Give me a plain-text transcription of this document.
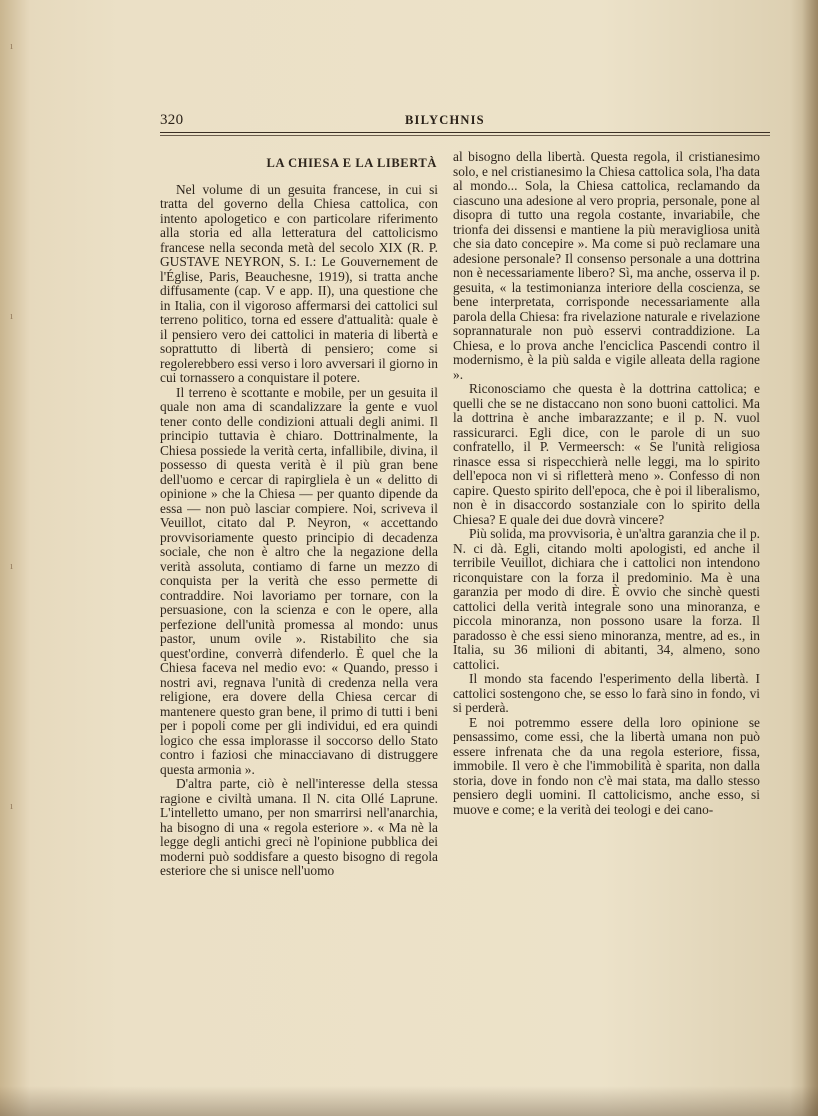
ı
ı
ı
ı
320	BILYCHNIS
LA CHIESA E LA LIBERTÀ

Nel volume di un gesuita francese, in cui si tratta del governo della Chiesa cattolica, con intento apologetico e con particolare riferimento alla storia ed alla letteratura del cattolicismo francese nella seconda metà del secolo XIX (R. P. GUSTAVE NEYRON, S. I.: Le Gouvernement de l'Église, Paris, Beauchesne, 1919), si tratta anche diffusamente (cap. V e app. II), una questione che in Italia, con il vigoroso affermarsi dei cattolici sul terreno politico, torna ed essere d'attualità: quale è il pensiero vero dei cattolici in materia di libertà e soprattutto di libertà di pensiero; come si regolerebbero essi verso i loro avversari il giorno in cui tornassero a conquistare il potere.

Il terreno è scottante e mobile, per un gesuita il quale non ama di scandalizzare la gente e vuol tener conto delle condizioni attuali degli animi. Il principio tuttavia è chiaro. Dottrinalmente, la Chiesa possiede la verità certa, infallibile, divina, il possesso di questa verità è il più gran bene dell'uomo e cercar di rapirgliela è un « delitto di opinione » che la Chiesa — per quanto dipende da essa — non può lasciar compiere. Noi, scriveva il Veuillot, citato dal P. Neyron, « accettando provvisoriamente questo principio di decadenza sociale, che non è altro che la negazione della verità assoluta, contiamo di farne un mezzo di conquista per la verità che esso permette di contraddire. Noi lavoriamo per tornare, con la persuasione, con la scienza e con le opere, alla perfezione dell'unità promessa al mondo: unus pastor, unum ovile ». Ristabilito che sia quest'ordine, converrà difenderlo. È quel che la Chiesa faceva nel medio evo: « Quando, presso i nostri avi, regnava l'unità di credenza nella vera religione, era dovere della Chiesa cercar di mantenere questo gran bene, il primo di tutti i beni per i popoli come per gli individui, ed era quindi logico che essa implorasse il soccorso dello Stato contro i faziosi che minacciavano di distruggere questa armonia ».

D'altra parte, ciò è nell'interesse della stessa ragione e civiltà umana. Il N. cita Ollé Laprune. L'intelletto umano, per non smarrirsi nell'anarchia, ha bisogno di una « regola esteriore ». « Ma nè la legge degli antichi greci nè l'opinione pubblica dei moderni può soddisfare a questo bisogno di regola esteriore che si unisce nell'uomo

al bisogno della libertà. Questa regola, il cristianesimo solo, e nel cristianesimo la Chiesa cattolica sola, l'ha data al mondo... Sola, la Chiesa cattolica, reclamando da ciascuno una adesione al vero propria, personale, pone al disopra di tutto una regola costante, invariabile, che trionfa dei dissensi e mantiene la più meravigliosa unità che sia dato concepire ». Ma come si può reclamare una adesione personale? Il consenso personale a una dottrina non è necessariamente libero? Sì, ma anche, osserva il p. gesuita, « la testimonianza interiore della coscienza, se bene interpretata, corrisponde necessariamente alla parola della Chiesa: fra rivelazione naturale e rivelazione soprannaturale non può esservi contraddizione. La Chiesa, e lo prova anche l'enciclica Pascendi contro il modernismo, è la più salda e vigile alleata della ragione ».

Riconosciamo che questa è la dottrina cattolica; e quelli che se ne distaccano non sono buoni cattolici. Ma la dottrina è anche imbarazzante; e il p. N. vuol rassicurarci. Egli dice, con le parole di un suo confratello, il P. Vermeersch: « Se l'unità religiosa rinasce essa si rispecchierà nelle leggi, ma lo spirito dell'epoca non vi si rifletterà meno ». Confesso di non capire. Questo spirito dell'epoca, che è poi il liberalismo, non è in disaccordo sostanziale con lo spirito della Chiesa? E quale dei due dovrà vincere?

Più solida, ma provvisoria, è un'altra garanzia che il p. N. ci dà. Egli, citando molti apologisti, ed anche il terribile Veuillot, dichiara che i cattolici non intendono riconquistare con la forza il predominio. Ma è una garanzia per modo di dire. È ovvio che sinchè questi cattolici della verità integrale sono una minoranza, e piccola minoranza, non possono usare la forza. Il paradosso è che essi sieno minoranza, mentre, ad es., in Italia, su 36 milioni di abitanti, 34, almeno, sono cattolici.

Il mondo sta facendo l'esperimento della libertà. I cattolici sostengono che, se esso lo farà sino in fondo, vi si perderà.

E noi potremmo essere della loro opinione se pensassimo, come essi, che la libertà umana non può essere infrenata che da una regola esteriore, fissa, immobile. Il vero è che l'immobilità è sparita, non dalla storia, dove in fondo non c'è mai stata, ma dallo stesso pensiero degli uomini. Il cattolicismo, anche esso, si muove e come; e la verità dei teologi e dei cano-
